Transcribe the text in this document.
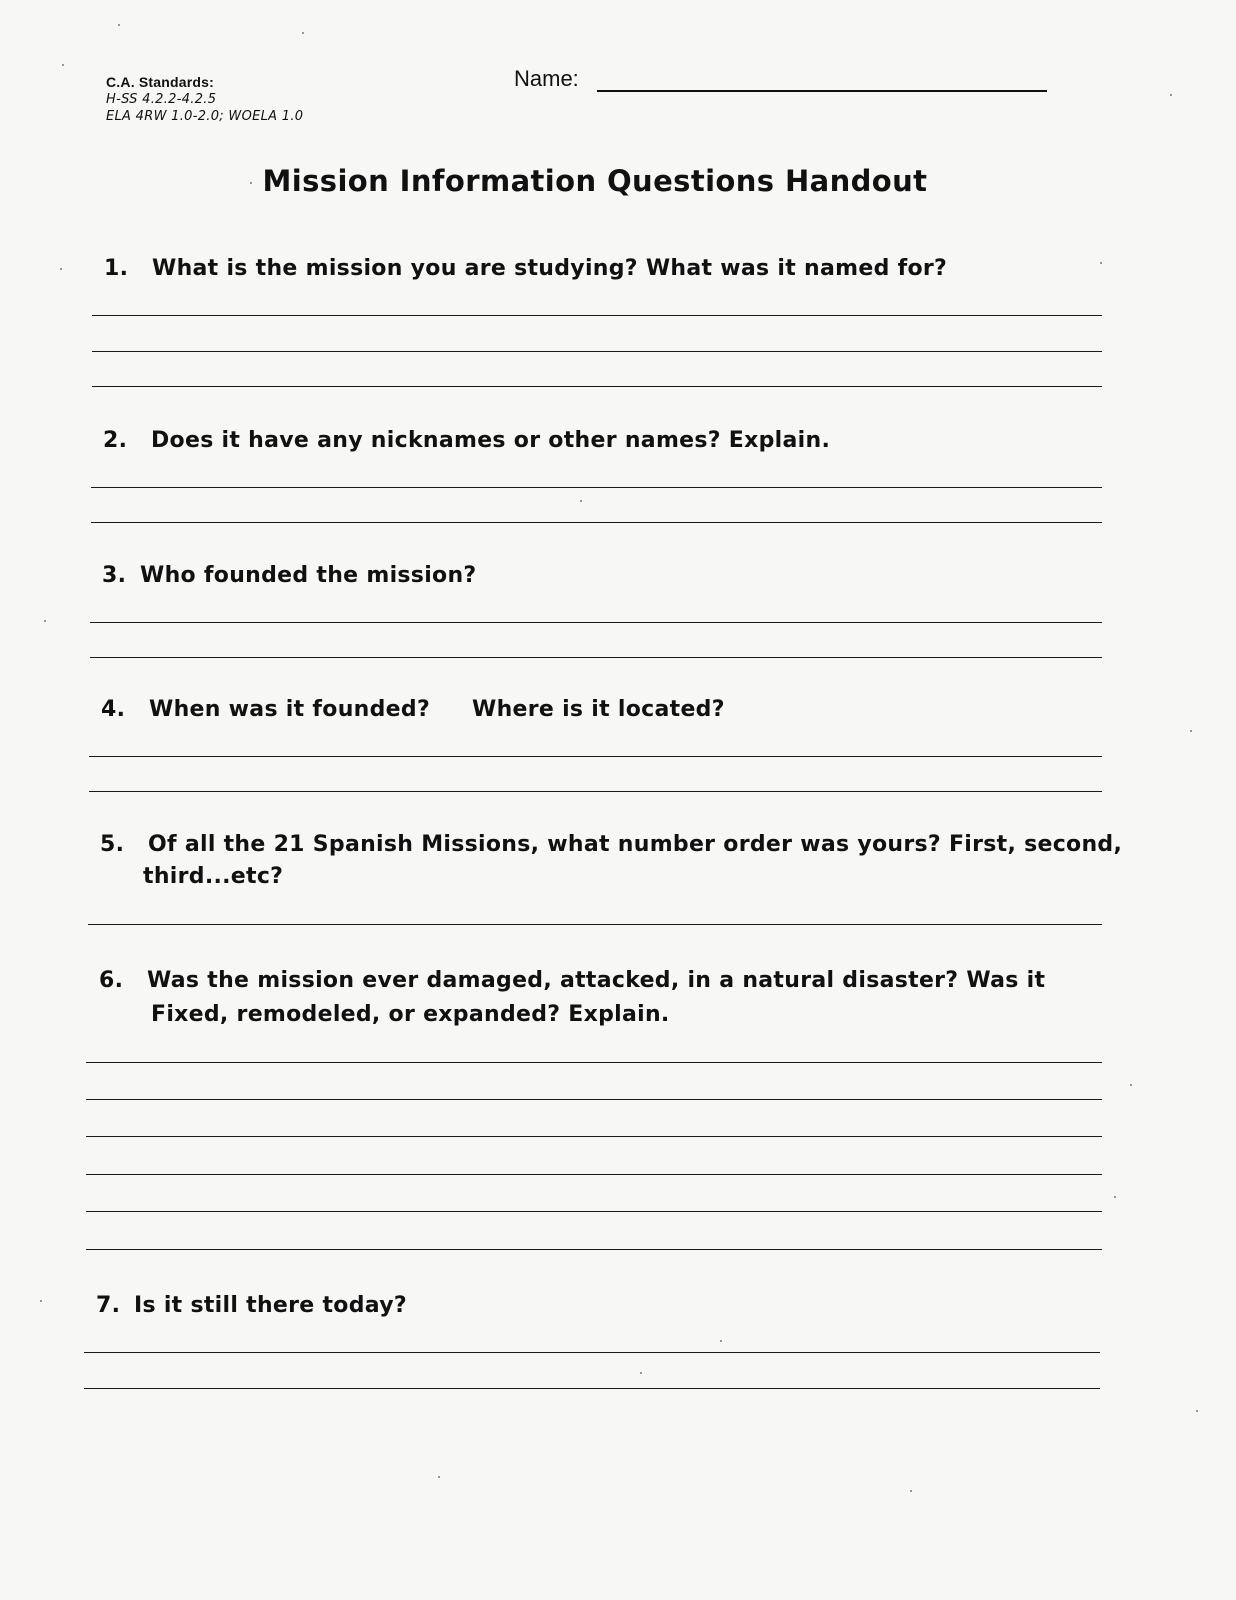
C.A. Standards:
H-SS 4.2.2-4.2.5
ELA 4RW 1.0-2.0; WOELA 1.0
Name:
Mission Information Questions Handout
1. What is the mission you are studying? What was it named for?
2. Does it have any nicknames or other names? Explain.
3. Who founded the mission?
4. When was it founded? Where is it located?
5. Of all the 21 Spanish Missions, what number order was yours? First, second,
third...etc?
6. Was the mission ever damaged, attacked, in a natural disaster? Was it
Fixed, remodeled, or expanded? Explain.
7. Is it still there today?
